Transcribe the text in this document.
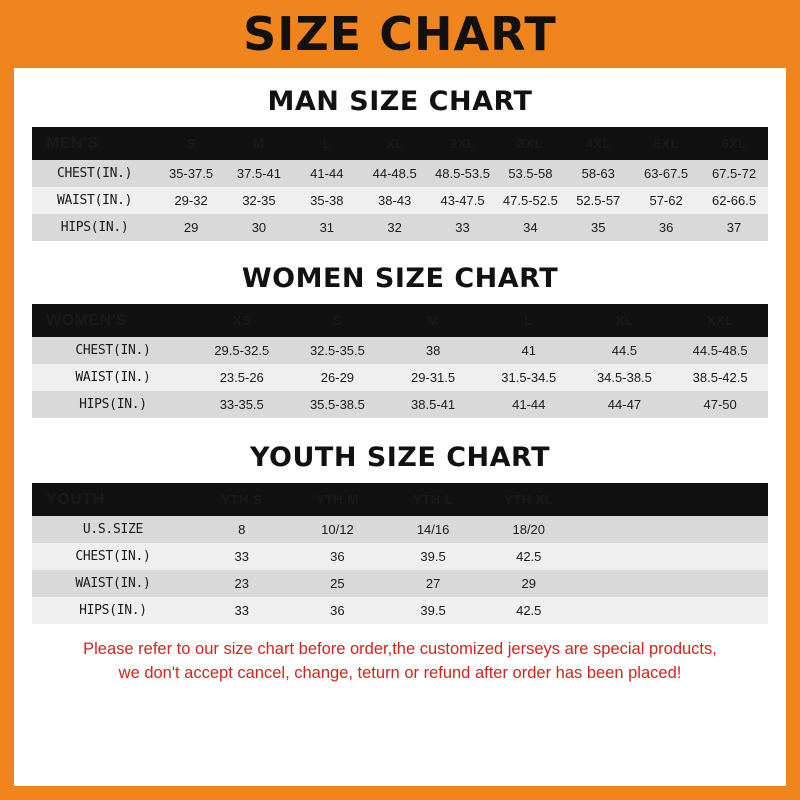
SIZE CHART
MAN SIZE CHART
MEN'S	S	M	L	XL	2XL	3XL	4XL	5XL	6XL
CHEST(IN.)	35-37.5	37.5-41	41-44	44-48.5	48.5-53.5	53.5-58	58-63	63-67.5	67.5-72
WAIST(IN.)	29-32	32-35	35-38	38-43	43-47.5	47.5-52.5	52.5-57	57-62	62-66.5
HIPS(IN.)	29	30	31	32	33	34	35	36	37
WOMEN SIZE CHART
WOMEN'S	XS	S	M	L	XL	XXL
CHEST(IN.)	29.5-32.5	32.5-35.5	38	41	44.5	44.5-48.5
WAIST(IN.)	23.5-26	26-29	29-31.5	31.5-34.5	34.5-38.5	38.5-42.5
HIPS(IN.)	33-35.5	35.5-38.5	38.5-41	41-44	44-47	47-50
YOUTH SIZE CHART
YOUTH	YTH S	YTH M	YTH L	YTH XL		
U.S.SIZE	8	10/12	14/16	18/20		
CHEST(IN.)	33	36	39.5	42.5		
WAIST(IN.)	23	25	27	29		
HIPS(IN.)	33	36	39.5	42.5		
Please refer to our size chart before order,the customized jerseys are special products,
we don't accept cancel, change, teturn or refund after order has been placed!
